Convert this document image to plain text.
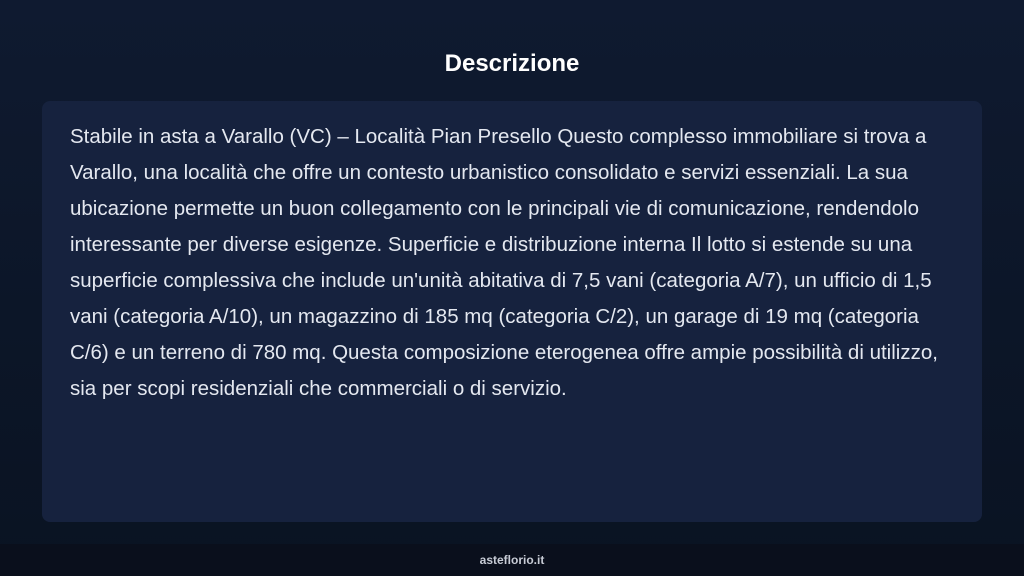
Descrizione

Stabile in asta a Varallo (VC) – Località Pian Presello Questo complesso immobiliare si trova a Varallo, una località che offre un contesto urbanistico consolidato e servizi essenziali. La sua ubicazione permette un buon collegamento con le principali vie di comunicazione, rendendolo interessante per diverse esigenze. Superficie e distribuzione interna Il lotto si estende su una superficie complessiva che include un'unità abitativa di 7,5 vani (categoria A/7), un ufficio di 1,5 vani (categoria A/10), un magazzino di 185 mq (categoria C/2), un garage di 19 mq (categoria C/6) e un terreno di 780 mq. Questa composizione eterogenea offre ampie possibilità di utilizzo, sia per scopi residenziali che commerciali o di servizio.

asteflorio.it
